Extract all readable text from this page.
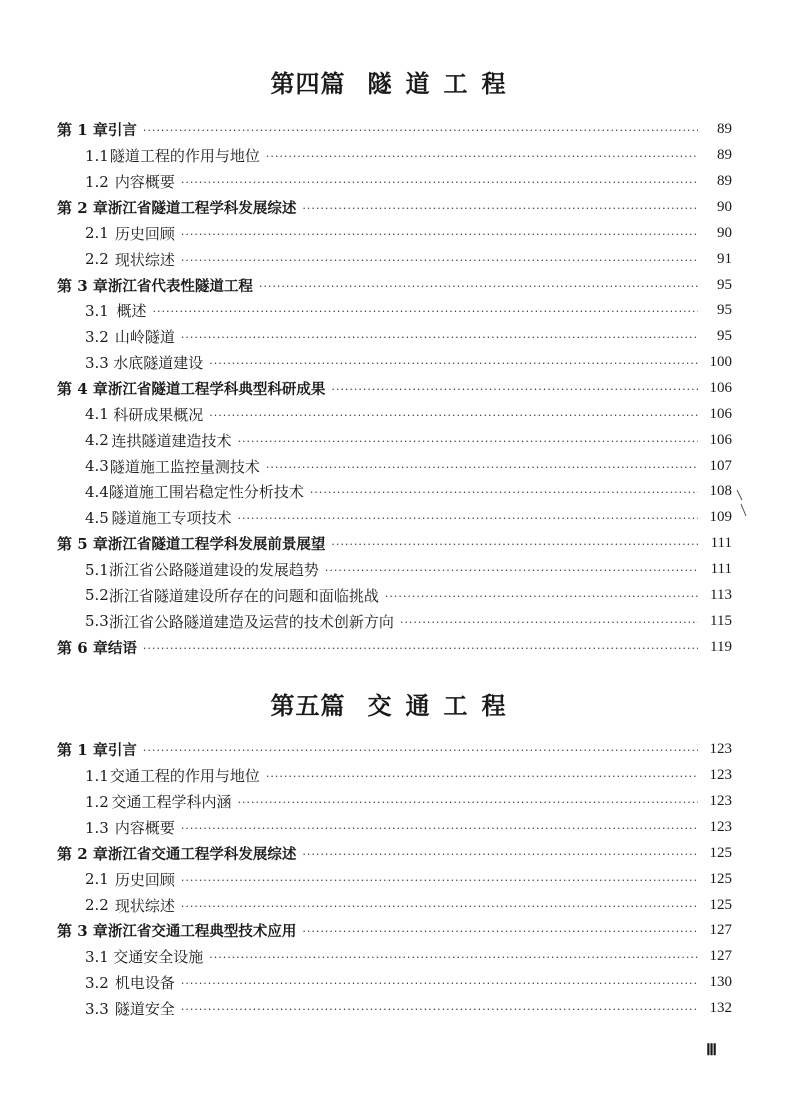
第四篇 隧道工程
第 1 章 引言 ·····	89
1.1 隧道工程的作用与地位 ·····	89
1.2 内容概要 ·····	89
第 2 章 浙江省隧道工程学科发展综述 ·····	90
2.1 历史回顾 ·····	90
2.2 现状综述 ·····	91
第 3 章 浙江省代表性隧道工程 ·····	95
3.1 概述 ·····	95
3.2 山岭隧道 ·····	95
3.3 水底隧道建设 ·····	100
第 4 章 浙江省隧道工程学科典型科研成果 ·····	106
4.1 科研成果概况 ·····	106
4.2 连拱隧道建造技术 ·····	106
4.3 隧道施工监控量测技术 ·····	107
4.4 隧道施工围岩稳定性分析技术 ·····	108
4.5 隧道施工专项技术 ·····	109
第 5 章 浙江省隧道工程学科发展前景展望 ·····	111
5.1 浙江省公路隧道建设的发展趋势 ·····	111
5.2 浙江省隧道建设所存在的问题和面临挑战 ·····	113
5.3 浙江省公路隧道建造及运营的技术创新方向 ·····	115
第 6 章 结语 ·····	119
第五篇 交通工程
第 1 章 引言 ·····	123
1.1 交通工程的作用与地位 ·····	123
1.2 交通工程学科内涵 ·····	123
1.3 内容概要 ·····	123
第 2 章 浙江省交通工程学科发展综述 ·····	125
2.1 历史回顾 ·····	125
2.2 现状综述 ·····	125
第 3 章 浙江省交通工程典型技术应用 ·····	127
3.1 交通安全设施 ·····	127
3.2 机电设备 ·····	130
3.3 隧道安全 ·····	132
Ⅲ
